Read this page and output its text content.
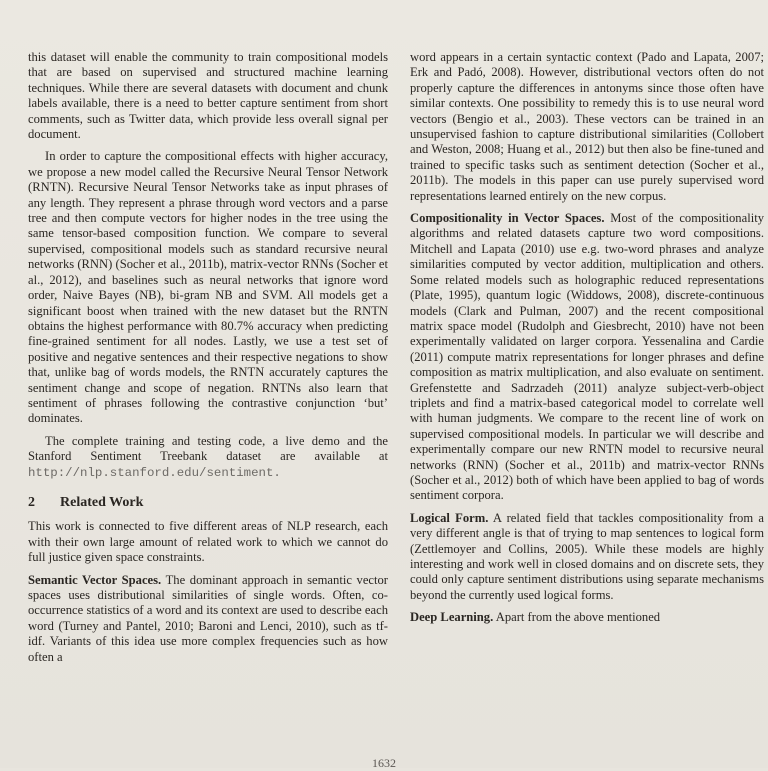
this dataset will enable the community to train compositional models that are based on supervised and structured machine learning techniques. While there are several datasets with document and chunk labels available, there is a need to better capture sentiment from short comments, such as Twitter data, which provide less overall signal per document.

In order to capture the compositional effects with higher accuracy, we propose a new model called the Recursive Neural Tensor Network (RNTN). Recursive Neural Tensor Networks take as input phrases of any length. They represent a phrase through word vectors and a parse tree and then compute vectors for higher nodes in the tree using the same tensor-based composition function. We compare to several supervised, compositional models such as standard recursive neural networks (RNN) (Socher et al., 2011b), matrix-vector RNNs (Socher et al., 2012), and baselines such as neural networks that ignore word order, Naive Bayes (NB), bi-gram NB and SVM. All models get a significant boost when trained with the new dataset but the RNTN obtains the highest performance with 80.7% accuracy when predicting fine-grained sentiment for all nodes. Lastly, we use a test set of positive and negative sentences and their respective negations to show that, unlike bag of words models, the RNTN accurately captures the sentiment change and scope of negation. RNTNs also learn that sentiment of phrases following the contrastive conjunction ‘but’ dominates.

The complete training and testing code, a live demo and the Stanford Sentiment Treebank dataset are available at http://nlp.stanford.edu/sentiment.

2 Related Work

This work is connected to five different areas of NLP research, each with their own large amount of related work to which we cannot do full justice given space constraints.

Semantic Vector Spaces. The dominant approach in semantic vector spaces uses distributional similarities of single words. Often, co-occurrence statistics of a word and its context are used to describe each word (Turney and Pantel, 2010; Baroni and Lenci, 2010), such as tf-idf. Variants of this idea use more complex frequencies such as how often a

word appears in a certain syntactic context (Pado and Lapata, 2007; Erk and Padó, 2008). However, distributional vectors often do not properly capture the differences in antonyms since those often have similar contexts. One possibility to remedy this is to use neural word vectors (Bengio et al., 2003). These vectors can be trained in an unsupervised fashion to capture distributional similarities (Collobert and Weston, 2008; Huang et al., 2012) but then also be fine-tuned and trained to specific tasks such as sentiment detection (Socher et al., 2011b). The models in this paper can use purely supervised word representations learned entirely on the new corpus.

Compositionality in Vector Spaces. Most of the compositionality algorithms and related datasets capture two word compositions. Mitchell and Lapata (2010) use e.g. two-word phrases and analyze similarities computed by vector addition, multiplication and others. Some related models such as holographic reduced representations (Plate, 1995), quantum logic (Widdows, 2008), discrete-continuous models (Clark and Pulman, 2007) and the recent compositional matrix space model (Rudolph and Giesbrecht, 2010) have not been experimentally validated on larger corpora. Yessenalina and Cardie (2011) compute matrix representations for longer phrases and define composition as matrix multiplication, and also evaluate on sentiment. Grefenstette and Sadrzadeh (2011) analyze subject-verb-object triplets and find a matrix-based categorical model to correlate well with human judgments. We compare to the recent line of work on supervised compositional models. In particular we will describe and experimentally compare our new RNTN model to recursive neural networks (RNN) (Socher et al., 2011b) and matrix-vector RNNs (Socher et al., 2012) both of which have been applied to bag of words sentiment corpora.

Logical Form. A related field that tackles compositionality from a very different angle is that of trying to map sentences to logical form (Zettlemoyer and Collins, 2005). While these models are highly interesting and work well in closed domains and on discrete sets, they could only capture sentiment distributions using separate mechanisms beyond the currently used logical forms.

Deep Learning. Apart from the above mentioned

1632
